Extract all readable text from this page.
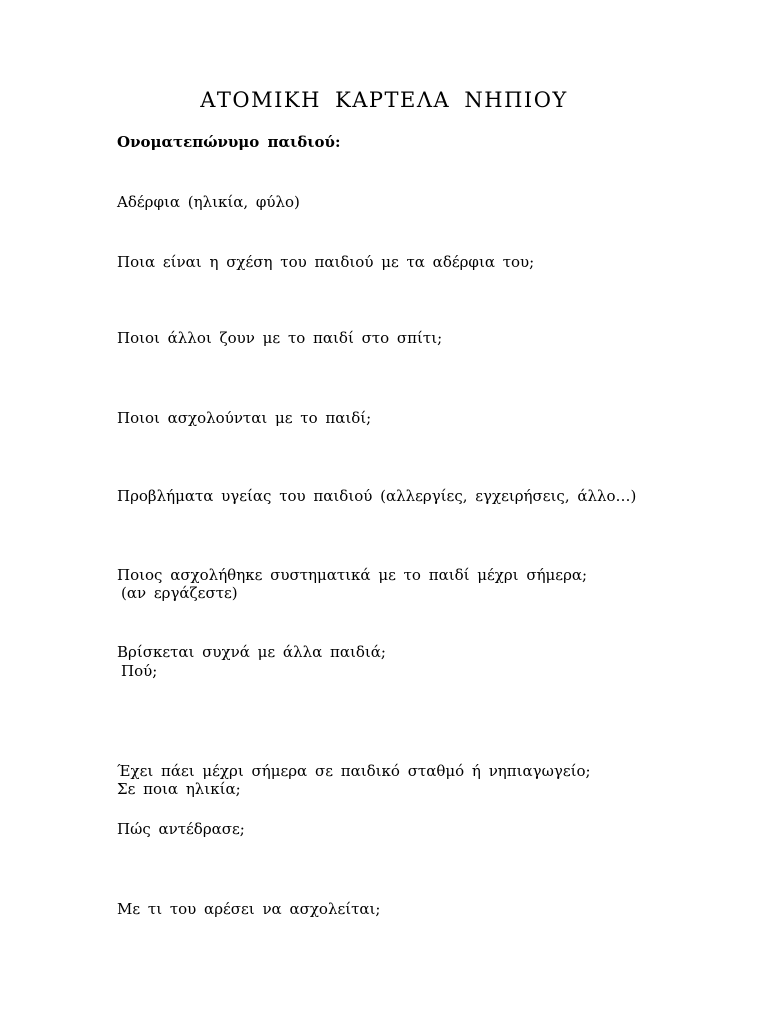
ΑΤΟΜΙΚΗ ΚΑΡΤΕΛΑ ΝΗΠΙΟΥ
Ονοματεπώνυμο παιδιού:
Αδέρφια (ηλικία, φύλο)
Ποια είναι η σχέση του παιδιού με τα αδέρφια του;
Ποιοι άλλοι ζουν με το παιδί στο σπίτι;
Ποιοι ασχολούνται με το παιδί;
Προβλήματα υγείας του παιδιού (αλλεργίες, εγχειρήσεις, άλλο…)
Ποιος ασχολήθηκε συστηματικά με το παιδί μέχρι σήμερα;
(αν εργάζεστε)
Βρίσκεται συχνά με άλλα παιδιά;
Πού;
Έχει πάει μέχρι σήμερα σε παιδικό σταθμό ή νηπιαγωγείο;
Σε ποια ηλικία;
Πώς αντέδρασε;
Με τι του αρέσει να ασχολείται;
